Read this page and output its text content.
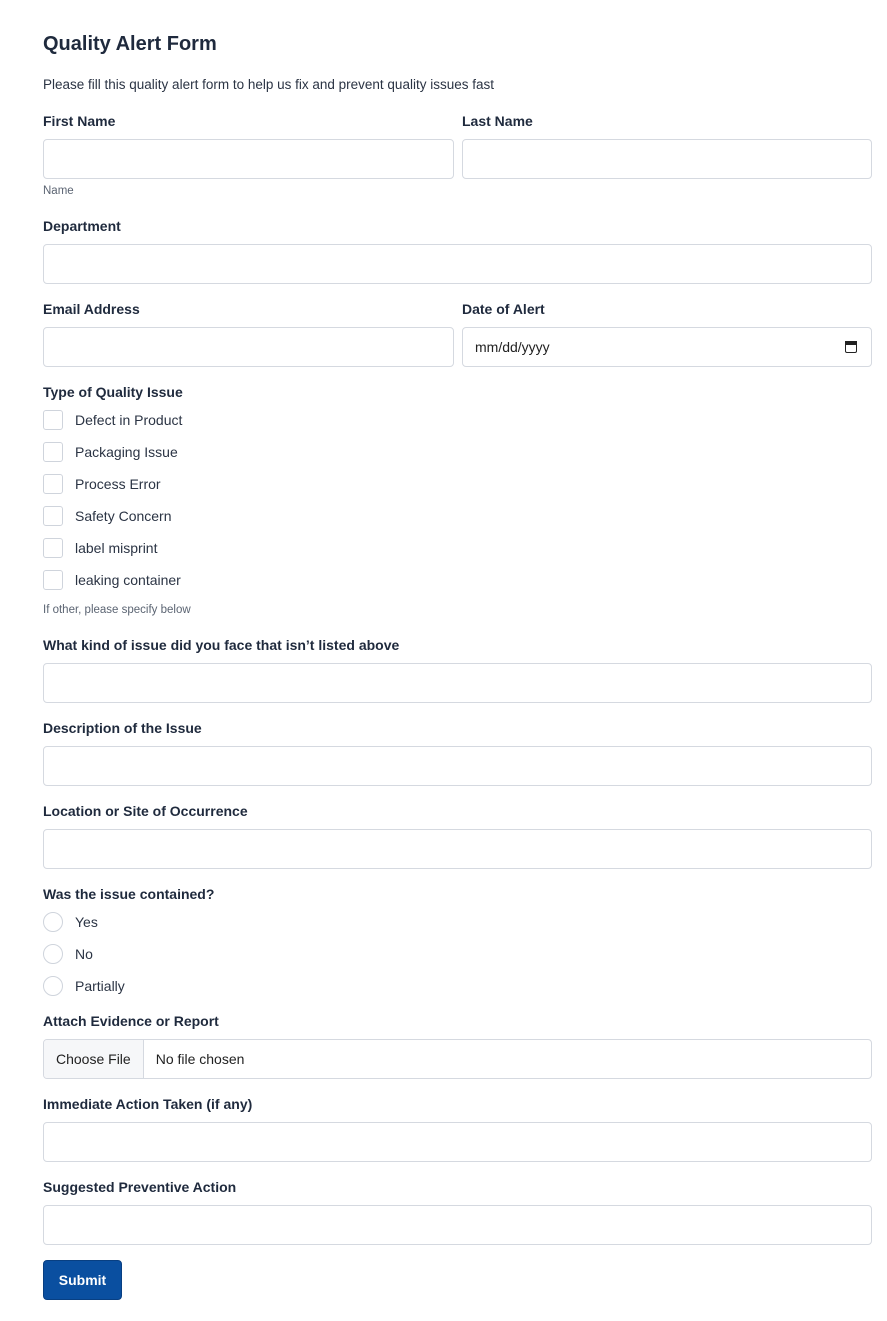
Quality Alert Form
Please fill this quality alert form to help us fix and prevent quality issues fast
First Name	Last Name
Name
Department
Email Address	Date of Alert
mm/dd/yyyy
Type of Quality Issue
Defect in Product
Packaging Issue
Process Error
Safety Concern
label misprint
leaking container
If other, please specify below
What kind of issue did you face that isn’t listed above
Description of the Issue
Location or Site of Occurrence
Was the issue contained?
Yes
No
Partially
Attach Evidence or Report
Choose File	No file chosen
Immediate Action Taken (if any)
Suggested Preventive Action
Submit
